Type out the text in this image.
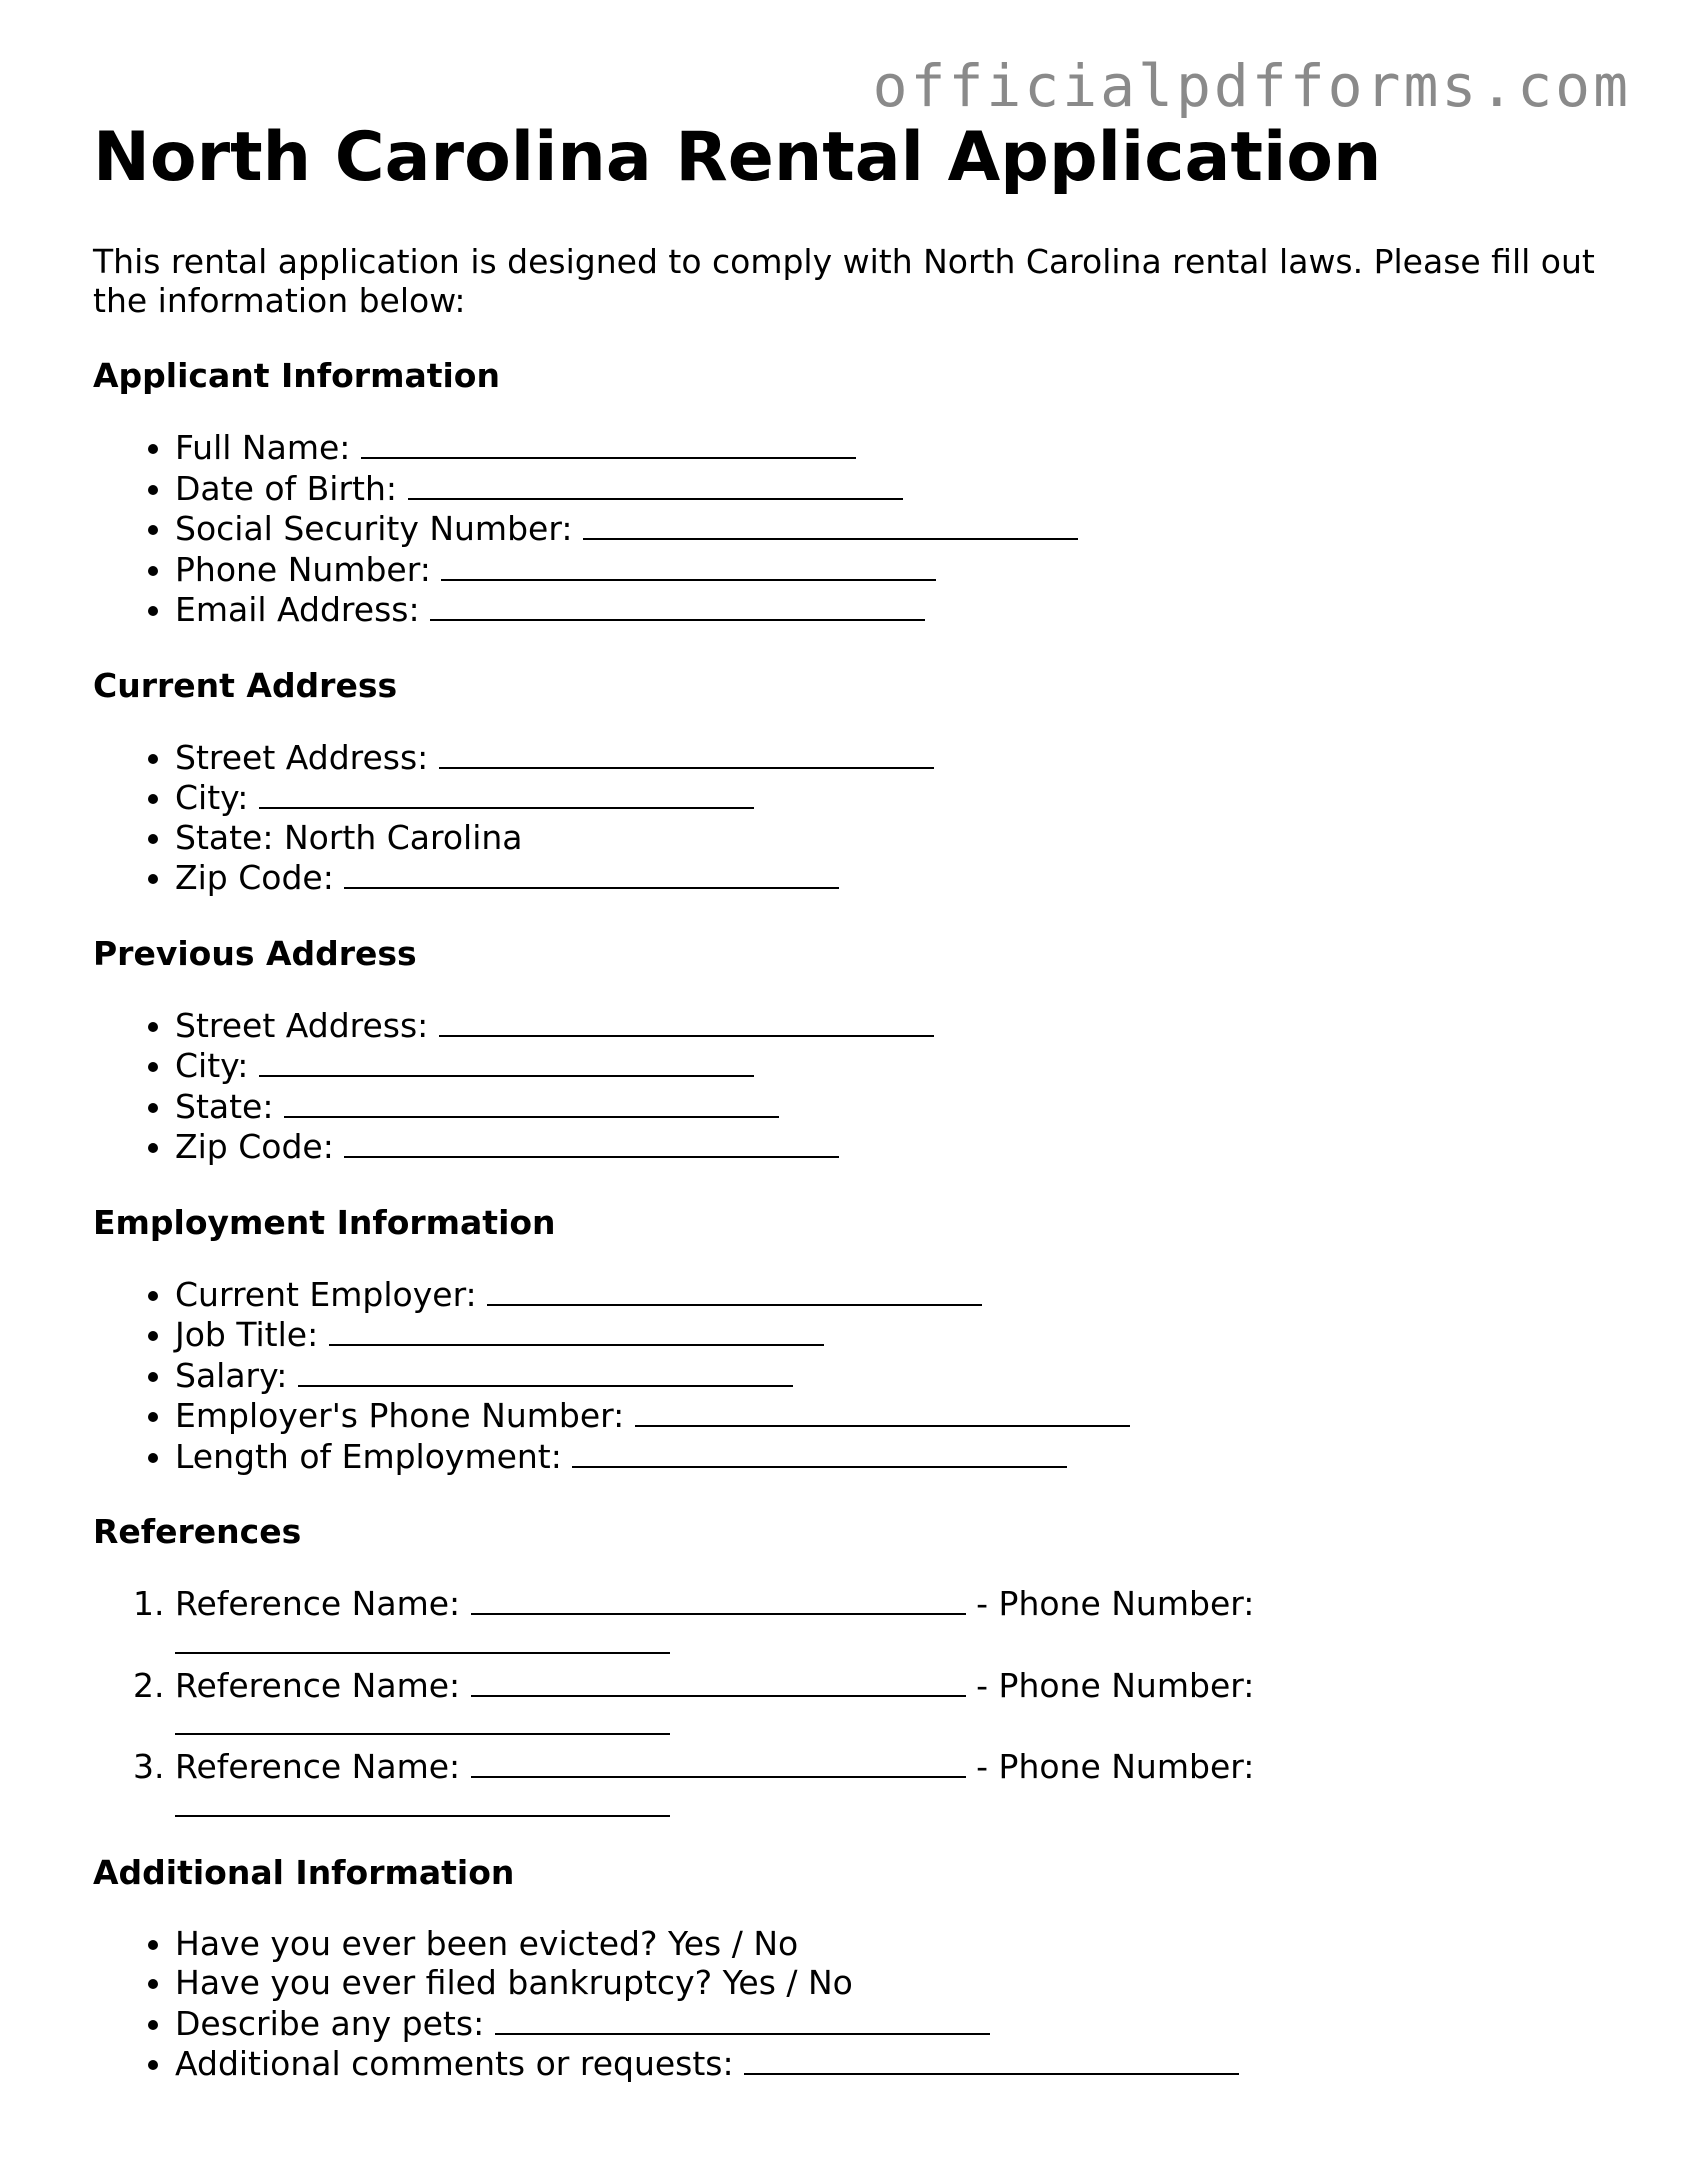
officialpdfforms.com
North Carolina Rental Application

This rental application is designed to comply with North Carolina rental laws. Please fill out the information below:

Applicant Information
• Full Name:
• Date of Birth:
• Social Security Number:
• Phone Number:
• Email Address:
Current Address
• Street Address:
• City:
• State: North Carolina
• Zip Code:
Previous Address
• Street Address:
• City:
• State:
• Zip Code:
Employment Information
• Current Employer:
• Job Title:
• Salary:
• Employer's Phone Number:
• Length of Employment:
References
1. Reference Name:	- Phone Number:
2. Reference Name:	- Phone Number:
3. Reference Name:	- Phone Number:
Additional Information
• Have you ever been evicted? Yes / No
• Have you ever filed bankruptcy? Yes / No
• Describe any pets:
• Additional comments or requests:
